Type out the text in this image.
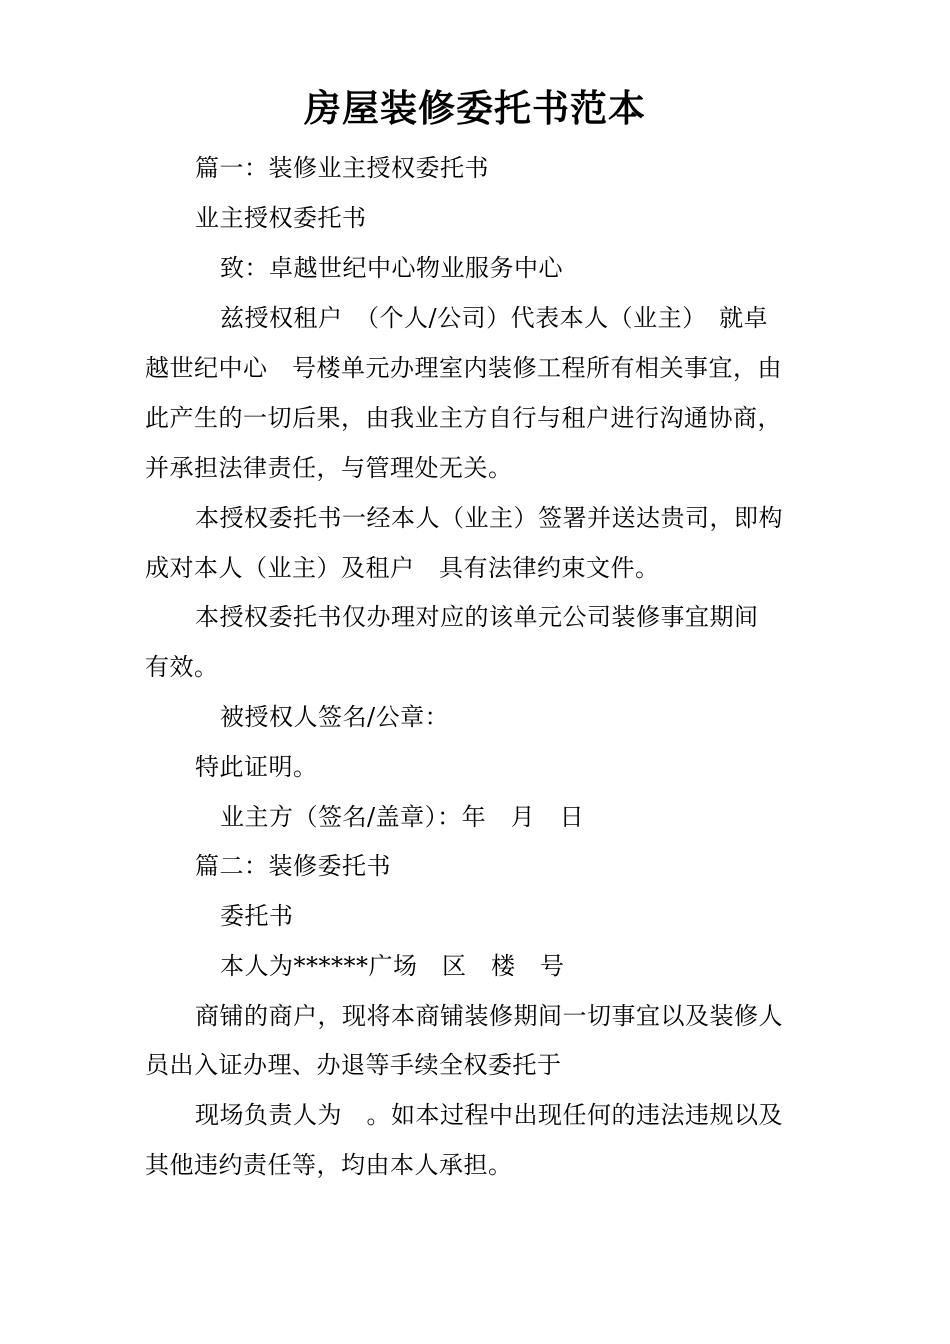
房屋装修委托书范本
篇一：装修业主授权委托书
业主授权委托书
致：卓越世纪中心物业服务中心
兹授权租户　（个人/公司）代表本人（业主）　就卓
越世纪中心　号楼单元办理室内装修工程所有相关事宜，由
此产生的一切后果，由我业主方自行与租户进行沟通协商，
并承担法律责任，与管理处无关。
本授权委托书一经本人（业主）签署并送达贵司，即构
成对本人（业主）及租户　具有法律约束文件。
本授权委托书仅办理对应的该单元公司装修事宜期间
有效。
被授权人签名/公章：
特此证明。
业主方（签名/盖章）：年　月　日
篇二：装修委托书
委托书
本人为******广场　区　楼　号
商铺的商户，现将本商铺装修期间一切事宜以及装修人
员出入证办理、办退等手续全权委托于
现场负责人为　。如本过程中出现任何的违法违规以及
其他违约责任等，均由本人承担。
